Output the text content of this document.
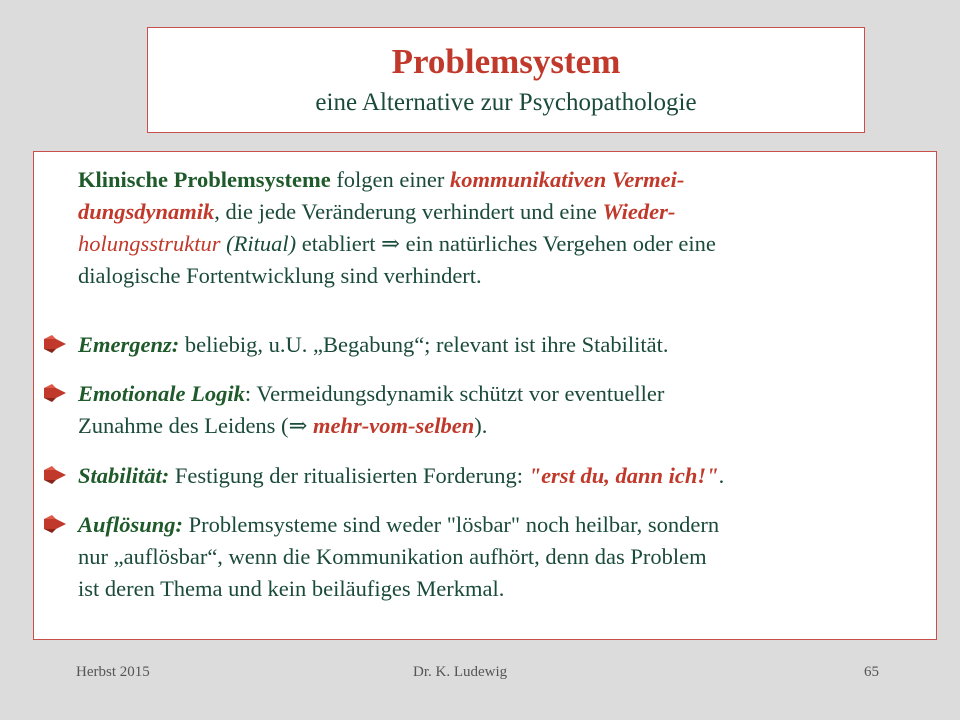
Problemsystem
eine Alternative zur Psychopathologie
Klinische Problemsysteme folgen einer kommunikativen Vermei-
dungsdynamik, die jede Veränderung verhindert und eine Wieder-
holungsstruktur (Ritual) etabliert ⇒ ein natürliches Vergehen oder eine
dialogische Fortentwicklung sind verhindert.
Emergenz: beliebig, u.U. „Begabung“; relevant ist ihre Stabilität.
Emotionale Logik: Vermeidungsdynamik schützt vor eventueller
Zunahme des Leidens (⇒ mehr-vom-selben).
Stabilität: Festigung der ritualisierten Forderung: "erst du, dann ich!".
Auflösung: Problemsysteme sind weder "lösbar" noch heilbar, sondern
nur „auflösbar“, wenn die Kommunikation aufhört, denn das Problem
ist deren Thema und kein beiläufiges Merkmal.
Herbst 2015	Dr. K. Ludewig	65
